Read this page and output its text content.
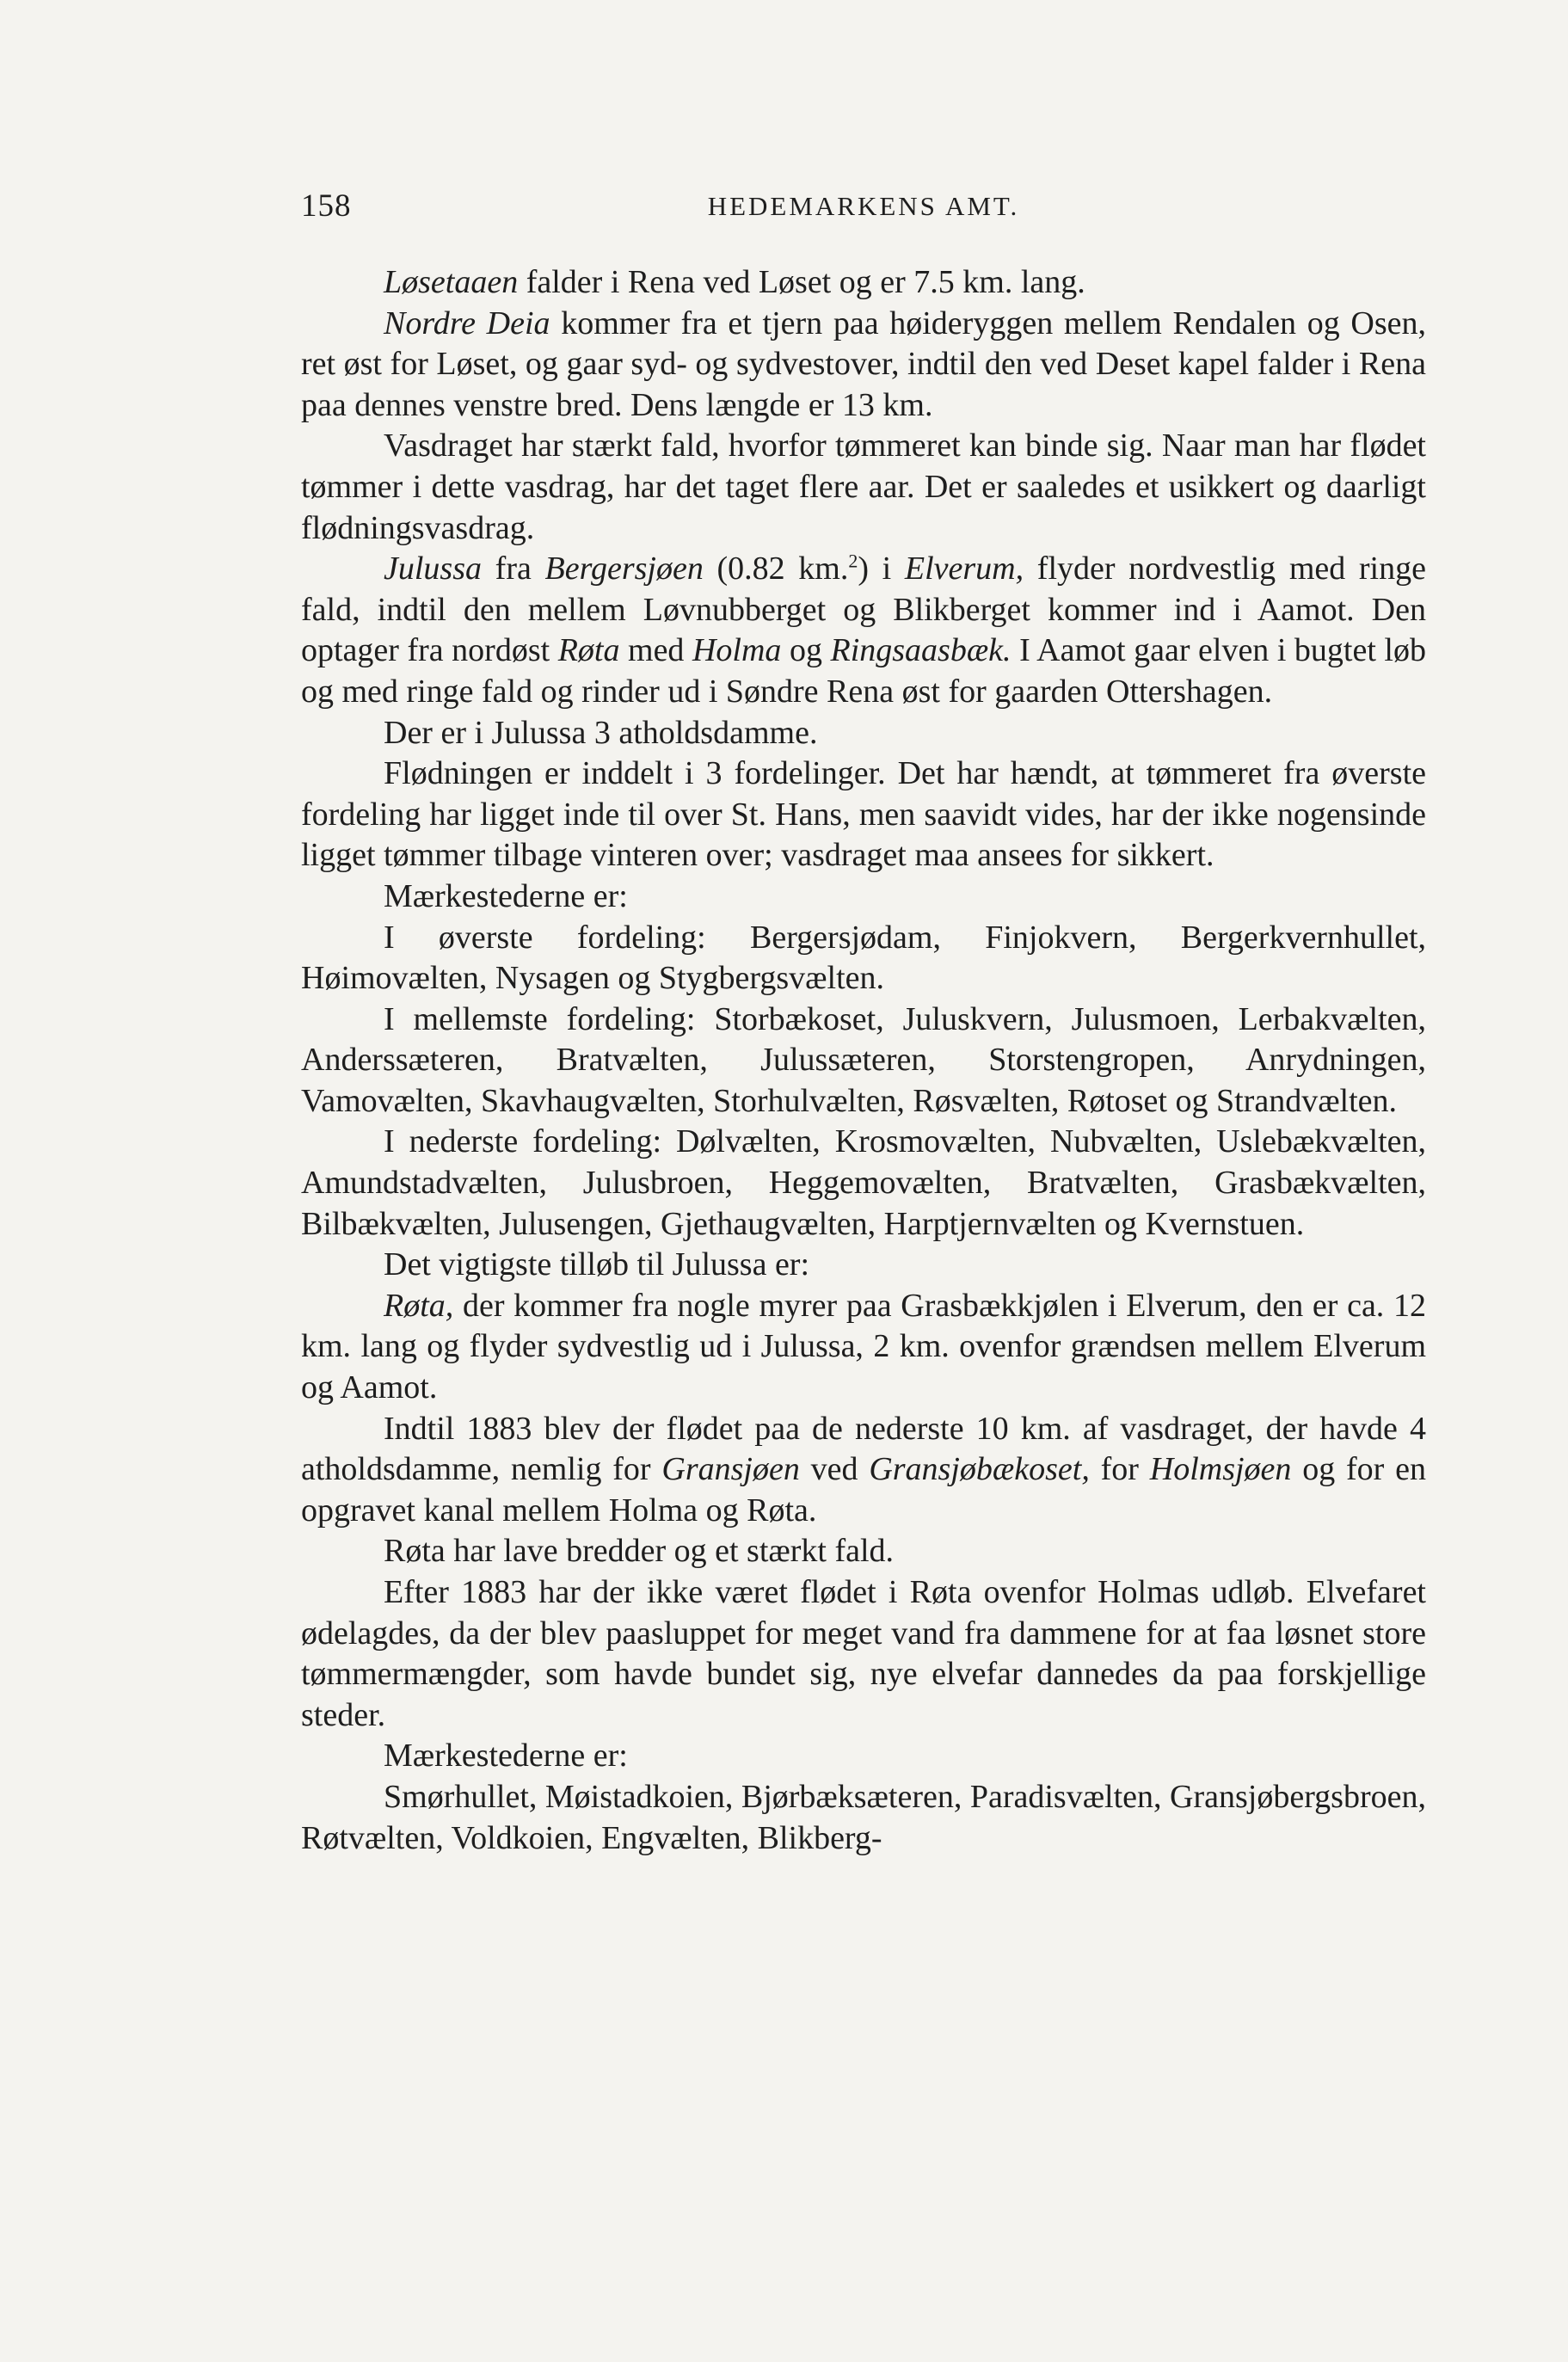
158	HEDEMARKENS AMT.
Løsetaaen falder i Rena ved Løset og er 7.5 km. lang.
Nordre Deia kommer fra et tjern paa høideryggen mellem Rendalen og Osen, ret øst for Løset, og gaar syd- og sydvestover, indtil den ved Deset kapel falder i Rena paa dennes venstre bred. Dens længde er 13 km.
Vasdraget har stærkt fald, hvorfor tømmeret kan binde sig. Naar man har flødet tømmer i dette vasdrag, har det taget flere aar. Det er saaledes et usikkert og daarligt flødningsvasdrag.
Julussa fra Bergersjøen (0.82 km.$^2$) i Elverum, flyder nordvestlig med ringe fald, indtil den mellem Løvnubberget og Blikberget kommer ind i Aamot. Den optager fra nordøst Røta med Holma og Ringsaasbæk. I Aamot gaar elven i bugtet løb og med ringe fald og rinder ud i Søndre Rena øst for gaarden Ottershagen.
Der er i Julussa 3 atholdsdamme.
Flødningen er inddelt i 3 fordelinger. Det har hændt, at tømmeret fra øverste fordeling har ligget inde til over St. Hans, men saavidt vides, har der ikke nogensinde ligget tømmer tilbage vinteren over; vasdraget maa ansees for sikkert.
Mærkestederne er:
I øverste fordeling: Bergersjødam, Finjokvern, Bergerkvernhullet, Høimovælten, Nysagen og Stygbergsvælten.
I mellemste fordeling: Storbækoset, Juluskvern, Julusmoen, Lerbakvælten, Anderssæteren, Bratvælten, Julussæteren, Storstengropen, Anrydningen, Vamovælten, Skavhaugvælten, Storhulvælten, Røsvælten, Røtoset og Strandvælten.
I nederste fordeling: Dølvælten, Krosmovælten, Nubvælten, Uslebækvælten, Amundstadvælten, Julusbroen, Heggemovælten, Bratvælten, Grasbækvælten, Bilbækvælten, Julusengen, Gjethaugvælten, Harptjernvælten og Kvernstuen.
Det vigtigste tilløb til Julussa er:
Røta, der kommer fra nogle myrer paa Grasbækkjølen i Elverum, den er ca. 12 km. lang og flyder sydvestlig ud i Julussa, 2 km. ovenfor grændsen mellem Elverum og Aamot.
Indtil 1883 blev der flødet paa de nederste 10 km. af vasdraget, der havde 4 atholdsdamme, nemlig for Gransjøen ved Gransjøbækoset, for Holmsjøen og for en opgravet kanal mellem Holma og Røta.
Røta har lave bredder og et stærkt fald.
Efter 1883 har der ikke været flødet i Røta ovenfor Holmas udløb. Elvefaret ødelagdes, da der blev paasluppet for meget vand fra dammene for at faa løsnet store tømmermængder, som havde bundet sig, nye elvefar dannedes da paa forskjellige steder.
Mærkestederne er:
Smørhullet, Møistadkoien, Bjørbæksæteren, Paradisvælten, Gransjøbergsbroen, Røtvælten, Voldkoien, Engvælten, Blikberg-
